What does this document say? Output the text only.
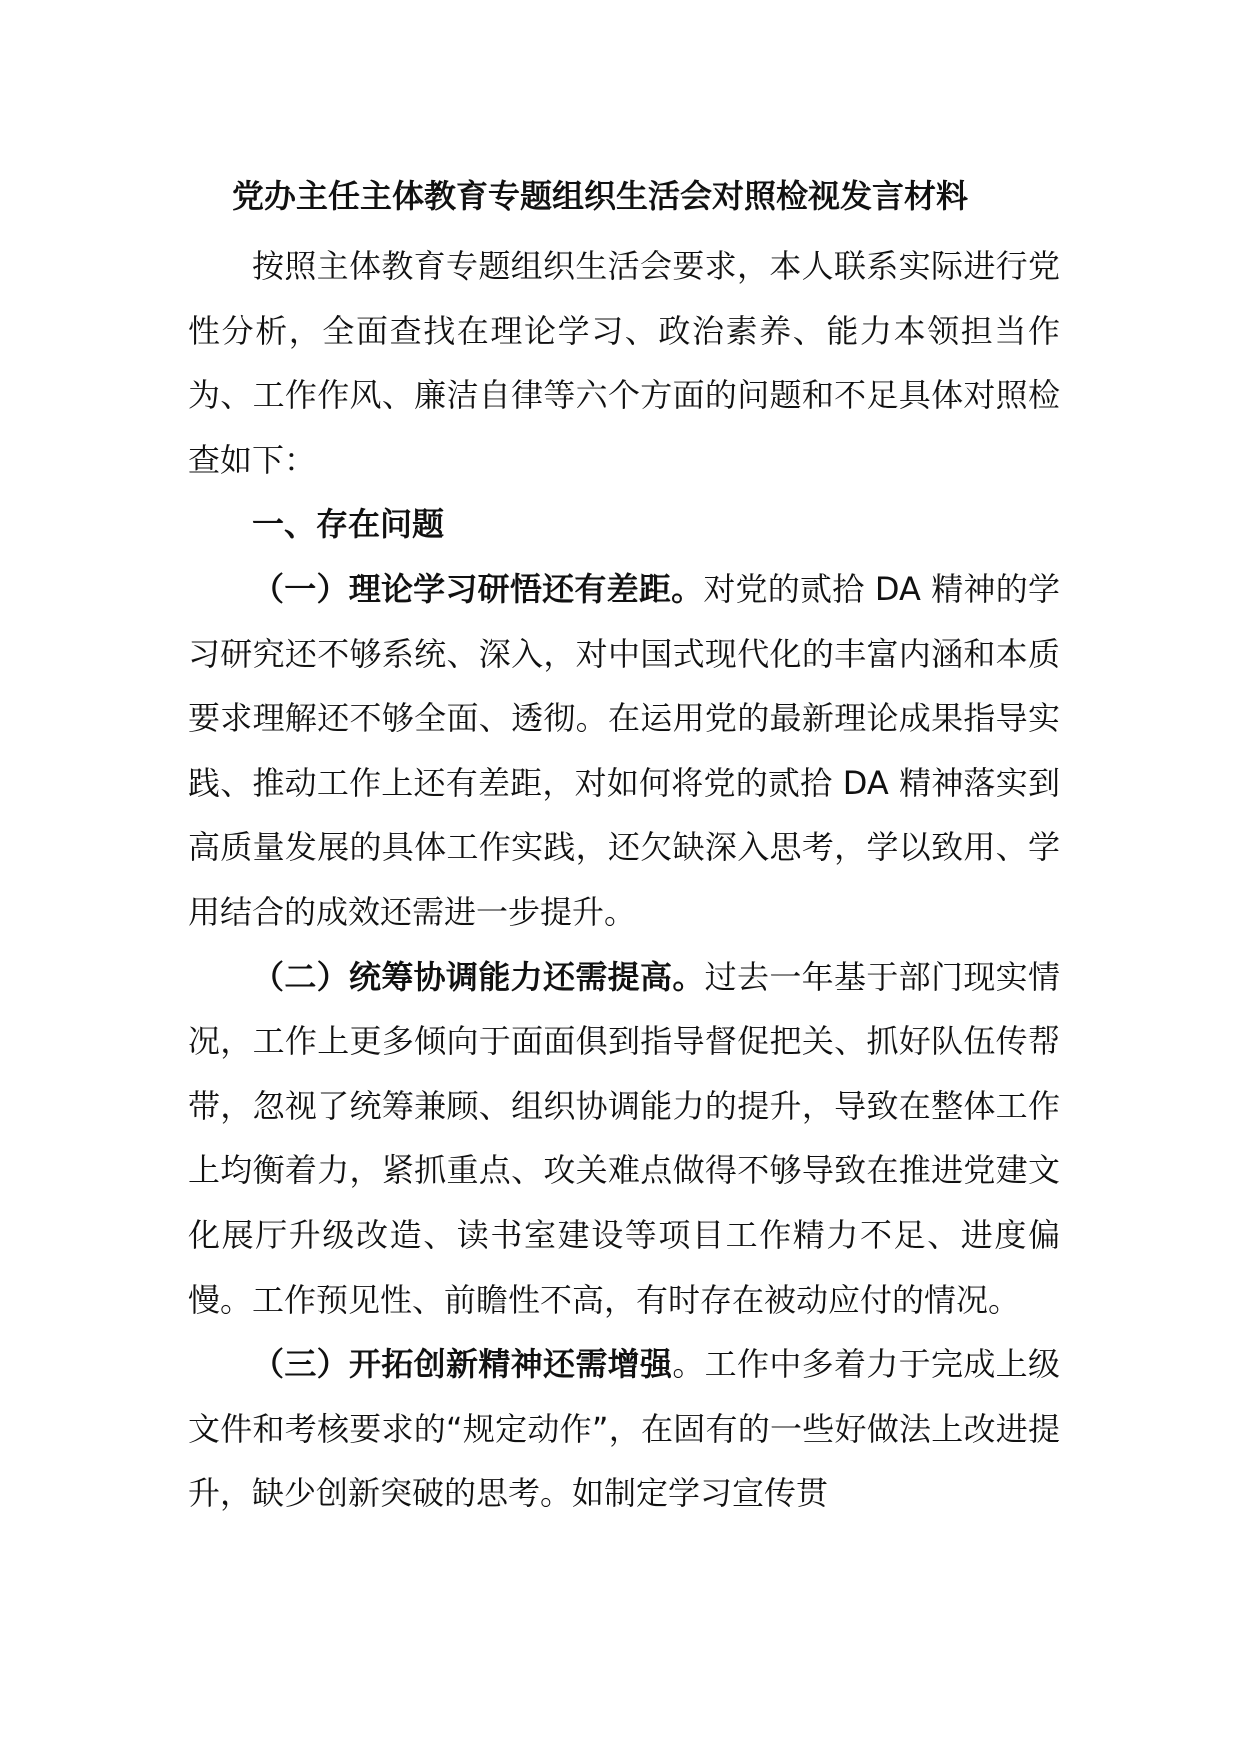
党办主任主体教育专题组织生活会对照检视发言材料

按照主体教育专题组织生活会要求，本人联系实际进行党性分析，全面查找在理论学习、政治素养、能力本领担当作为、工作作风、廉洁自律等六个方面的问题和不足具体对照检查如下：

一、存在问题

（一）理论学习研悟还有差距。对党的贰拾 DA 精神的学习研究还不够系统、深入，对中国式现代化的丰富内涵和本质要求理解还不够全面、透彻。在运用党的最新理论成果指导实践、推动工作上还有差距，对如何将党的贰拾 DA 精神落实到高质量发展的具体工作实践，还欠缺深入思考，学以致用、学用结合的成效还需进一步提升。

（二）统筹协调能力还需提高。过去一年基于部门现实情况，工作上更多倾向于面面俱到指导督促把关、抓好队伍传帮带，忽视了统筹兼顾、组织协调能力的提升，导致在整体工作上均衡着力，紧抓重点、攻关难点做得不够导致在推进党建文化展厅升级改造、读书室建设等项目工作精力不足、进度偏慢。工作预见性、前瞻性不高，有时存在被动应付的情况。

（三）开拓创新精神还需增强。工作中多着力于完成上级文件和考核要求的“规定动作”，在固有的一些好做法上改进提升，缺少创新突破的思考。如制定学习宣传贯
